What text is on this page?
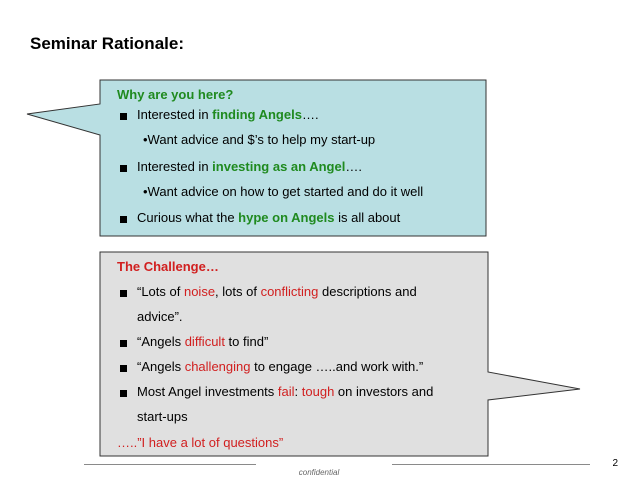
Seminar Rationale:
Why are you here?
Interested in finding Angels….
•Want advice and $’s to help my start-up
Interested in investing as an Angel….
•Want advice on how to get started and do it well
Curious what the hype on Angels is all about
The Challenge…
“Lots of noise, lots of conflicting descriptions and
advice”.
“Angels difficult to find”
“Angels challenging to engage …..and work with.”
Most Angel investments fail: tough on investors and
start-ups
…..”I have a lot of questions”
confidential
2
